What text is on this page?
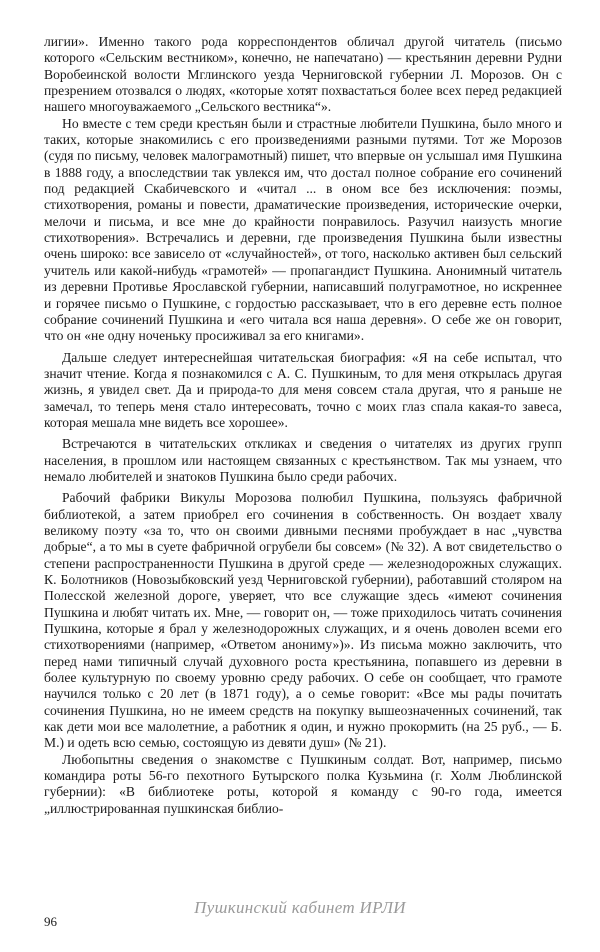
лигии». Именно такого рода корреспондентов обличал другой читатель (письмо которого «Сельским вестником», конечно, не напечатано) — крестьянин деревни Рудни Воробеинской волости Мглинского уезда Черниговской губернии Л. Морозов. Он с презрением отозвался о людях, «которые хотят похвастаться более всех перед редакцией нашего многоуважаемого „Сельского вестника“».

Но вместе с тем среди крестьян были и страстные любители Пушкина, было много и таких, которые знакомились с его произведениями разными путями. Тот же Морозов (судя по письму, человек малограмотный) пишет, что впервые он услышал имя Пушкина в 1888 году, а впоследствии так увлекся им, что достал полное собрание его сочинений под редакцией Скабичевского и «читал ... в оном все без исключения: поэмы, стихотворения, романы и повести, драматические произведения, исторические очерки, мелочи и письма, и все мне до крайности понравилось. Разучил наизусть многие стихотворения». Встречались и деревни, где произведения Пушкина были известны очень широко: все зависело от «случайностей», от того, насколько активен был сельский учитель или какой-нибудь «грамотей» — пропагандист Пушкина. Анонимный читатель из деревни Противье Ярославской губернии, написавший полуграмотное, но искреннее и горячее письмо о Пушкине, с гордостью рассказывает, что в его деревне есть полное собрание сочинений Пушкина и «его читала вся наша деревня». О себе же он говорит, что он «не одну ноченьку просиживал за его книгами».

Дальше следует интереснейшая читательская биография: «Я на себе испытал, что значит чтение. Когда я познакомился с А. С. Пушкиным, то для меня открылась другая жизнь, я увидел свет. Да и природа-то для меня совсем стала другая, что я раньше не замечал, то теперь меня стало интересовать, точно с моих глаз спала какая-то завеса, которая мешала мне видеть все хорошее».

Встречаются в читательских откликах и сведения о читателях из других групп населения, в прошлом или настоящем связанных с крестьянством. Так мы узнаем, что немало любителей и знатоков Пушкина было среди рабочих.

Рабочий фабрики Викулы Морозова полюбил Пушкина, пользуясь фабричной библиотекой, а затем приобрел его сочинения в собственность. Он воздает хвалу великому поэту «за то, что он своими дивными песнями пробуждает в нас „чувства добрые“, а то мы в суете фабричной огрубели бы совсем» (№ 32). А вот свидетельство о степени распространенности Пушкина в другой среде — железнодорожных служащих. К. Болотников (Новозыбковский уезд Черниговской губернии), работавший столяром на Полесской железной дороге, уверяет, что все служащие здесь «имеют сочинения Пушкина и любят читать их. Мне, — говорит он, — тоже приходилось читать сочинения Пушкина, которые я брал у железнодорожных служащих, и я очень доволен всеми его стихотворениями (например, «Ответом анониму»)». Из письма можно заключить, что перед нами типичный случай духовного роста крестьянина, попавшего из деревни в более культурную по своему уровню среду рабочих. О себе он сообщает, что грамоте научился только с 20 лет (в 1871 году), а о семье говорит: «Все мы рады почитать сочинения Пушкина, но не имеем средств на покупку вышеозначенных сочинений, так как дети мои все малолетние, а работник я один, и нужно прокормить (на 25 руб., — Б. М.) и одеть всю семью, состоящую из девяти душ» (№ 21).

Любопытны сведения о знакомстве с Пушкиным солдат. Вот, например, письмо командира роты 56-го пехотного Бутырского полка Кузьмина (г. Холм Люблинской губернии): «В библиотеке роты, которой я команду с 90-го года, имеется „иллюстрированная пушкинская библио-

96
Пушкинский кабинет ИРЛИ
